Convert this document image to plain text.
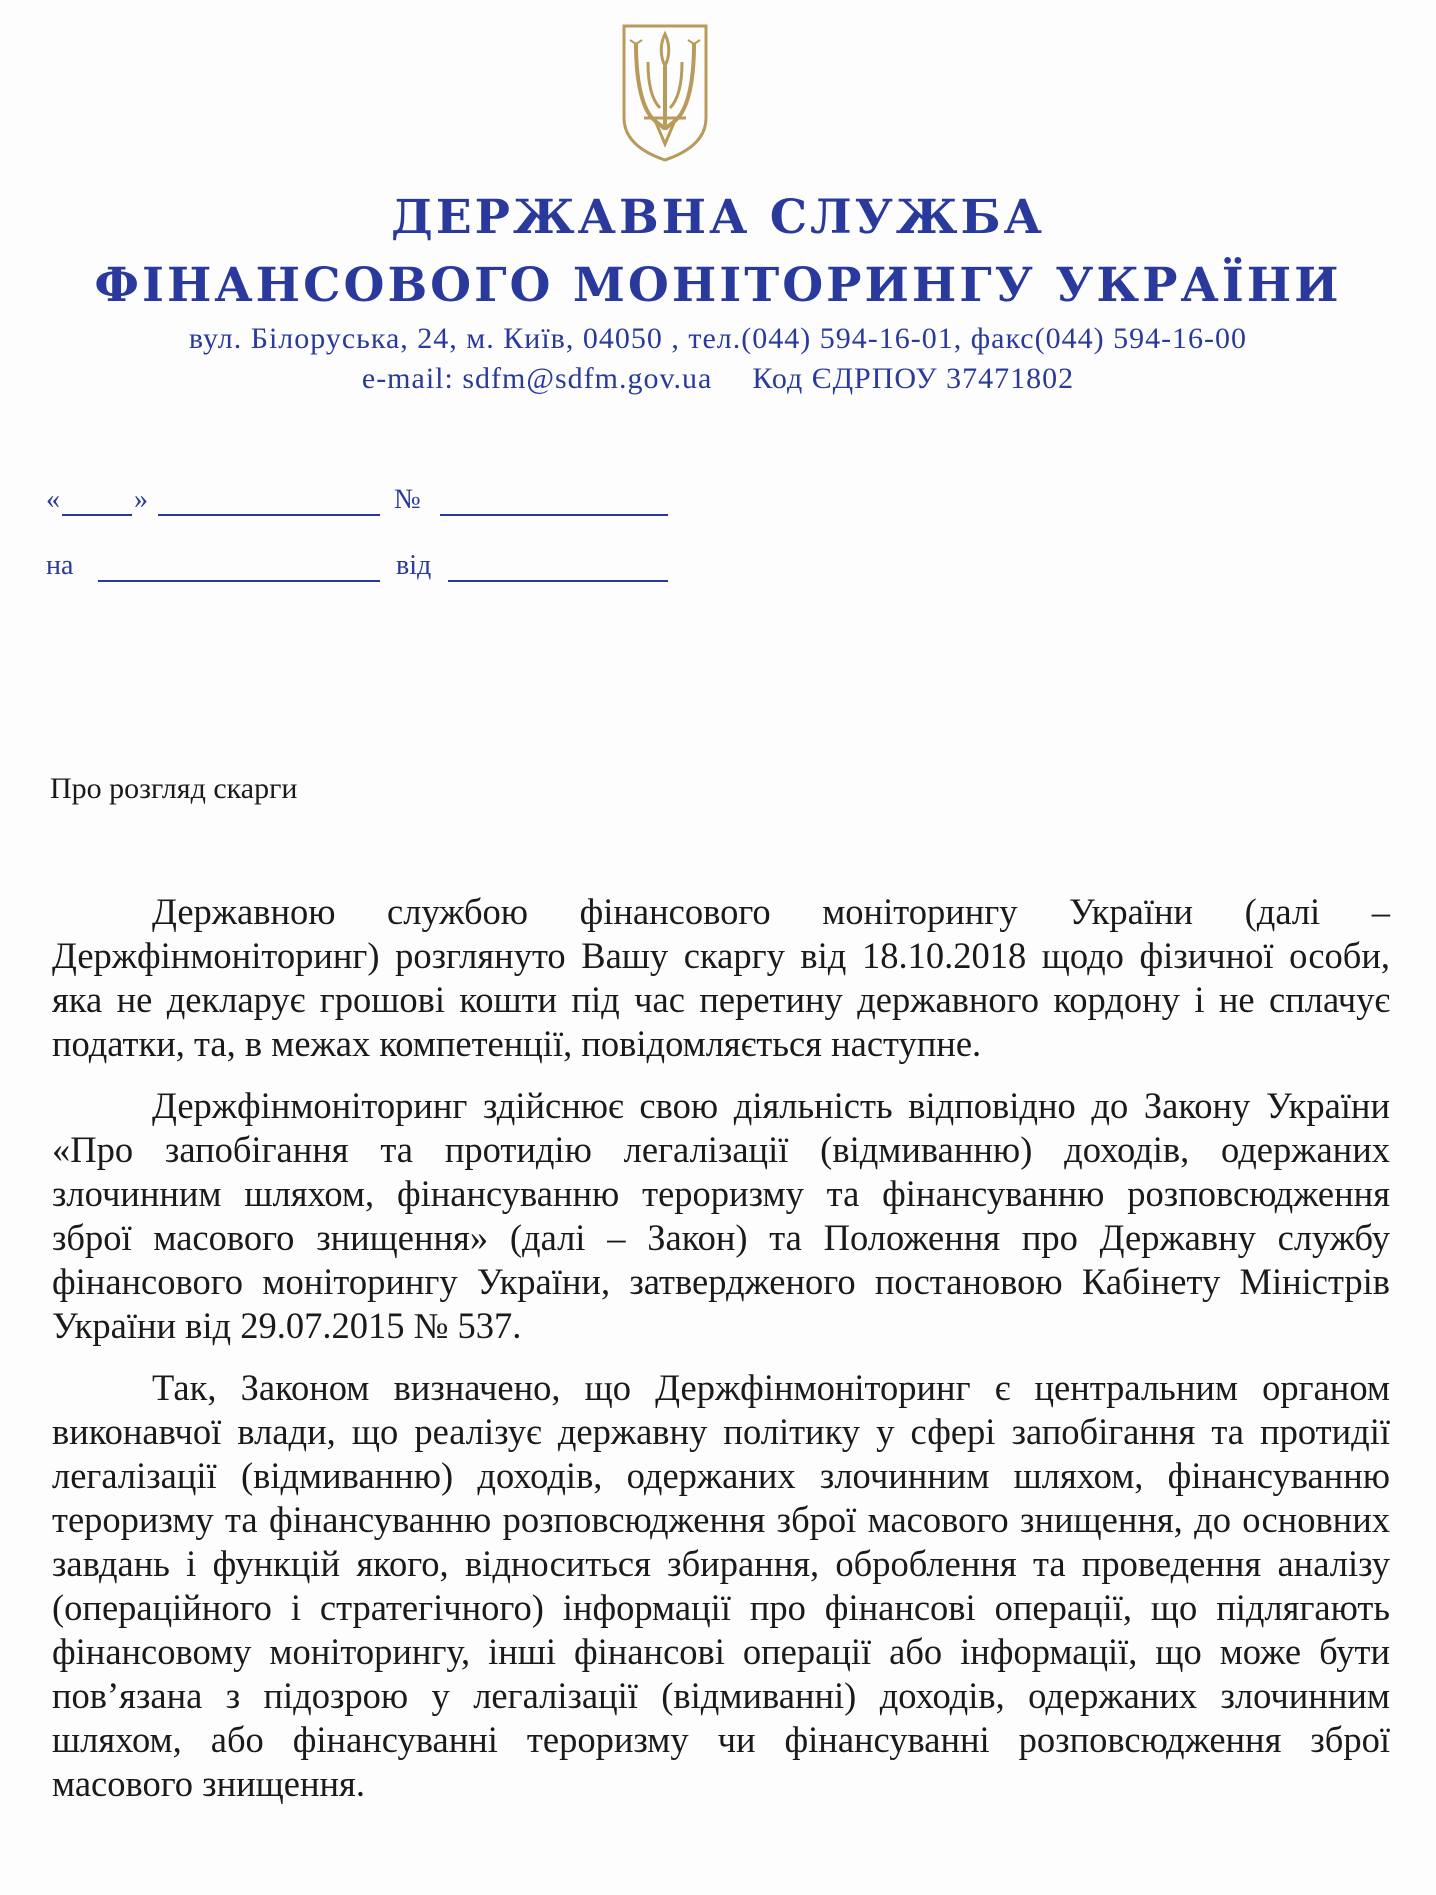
ДЕРЖАВНА СЛУЖБА
ФІНАНСОВОГО МОНІТОРИНГУ УКРАЇНИ
вул. Білоруська, 24, м. Київ, 04050 , тел.(044) 594-16-01, факс(044) 594-16-00
e-mail: sdfm@sdfm.gov.ua Код ЄДРПОУ 37471802
«	»	№
на	від
Про розгляд скарги

Державною службою фінансового моніторингу України (далі – Держфінмоніторинг) розглянуто Вашу скаргу від 18.10.2018 щодо фізичної особи, яка не декларує грошові кошти під час перетину державного кордону і не сплачує податки, та, в межах компетенції, повідомляється наступне.

Держфінмоніторинг здійснює свою діяльність відповідно до Закону України «Про запобігання та протидію легалізації (відмиванню) доходів, одержаних злочинним шляхом, фінансуванню тероризму та фінансуванню розповсюдження зброї масового знищення» (далі – Закон) та Положення про Державну службу фінансового моніторингу України, затвердженого постановою Кабінету Міністрів України від 29.07.2015 № 537.

Так, Законом визначено, що Держфінмоніторинг є центральним органом виконавчої влади, що реалізує державну політику у сфері запобігання та протидії легалізації (відмиванню) доходів, одержаних злочинним шляхом, фінансуванню тероризму та фінансуванню розповсюдження зброї масового знищення, до основних завдань і функцій якого, відноситься збирання, оброблення та проведення аналізу (операційного і стратегічного) інформації про фінансові операції, що підлягають фінансовому моніторингу, інші фінансові операції або інформації, що може бути пов’язана з підозрою у легалізації (відмиванні) доходів, одержаних злочинним шляхом, або фінансуванні тероризму чи фінансуванні розповсюдження зброї масового знищення.
